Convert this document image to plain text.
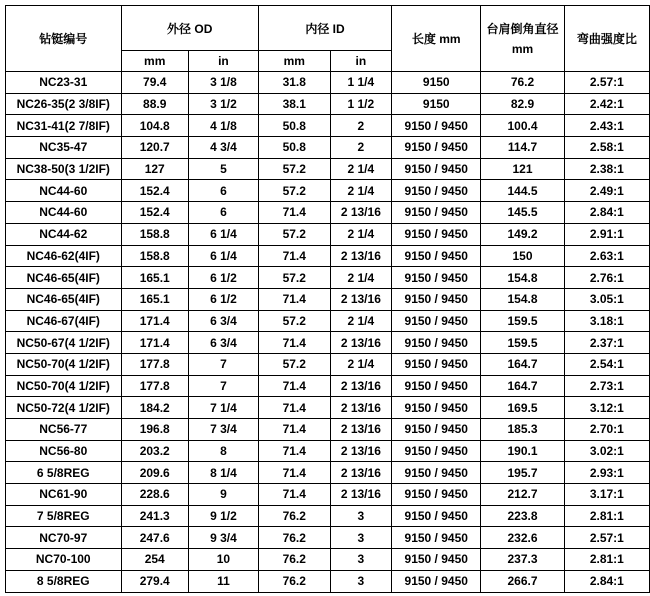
钻铤编号	外径 OD		内径 ID		长度 mm	台肩倒角直径 mm	弯曲强度比
	mm	in	mm	in			
NC23-31	79.4	3 1/8	31.8	1 1/4	9150	76.2	2.57:1
NC26-35(2 3/8IF)	88.9	3 1/2	38.1	1 1/2	9150	82.9	2.42:1
NC31-41(2 7/8IF)	104.8	4 1/8	50.8	2	9150 / 9450	100.4	2.43:1
NC35-47	120.7	4 3/4	50.8	2	9150 / 9450	114.7	2.58:1
NC38-50(3 1/2IF)	127	5	57.2	2 1/4	9150 / 9450	121	2.38:1
NC44-60	152.4	6	57.2	2 1/4	9150 / 9450	144.5	2.49:1
NC44-60	152.4	6	71.4	2 13/16	9150 / 9450	145.5	2.84:1
NC44-62	158.8	6 1/4	57.2	2 1/4	9150 / 9450	149.2	2.91:1
NC46-62(4IF)	158.8	6 1/4	71.4	2 13/16	9150 / 9450	150	2.63:1
NC46-65(4IF)	165.1	6 1/2	57.2	2 1/4	9150 / 9450	154.8	2.76:1
NC46-65(4IF)	165.1	6 1/2	71.4	2 13/16	9150 / 9450	154.8	3.05:1
NC46-67(4IF)	171.4	6 3/4	57.2	2 1/4	9150 / 9450	159.5	3.18:1
NC50-67(4 1/2IF)	171.4	6 3/4	71.4	2 13/16	9150 / 9450	159.5	2.37:1
NC50-70(4 1/2IF)	177.8	7	57.2	2 1/4	9150 / 9450	164.7	2.54:1
NC50-70(4 1/2IF)	177.8	7	71.4	2 13/16	9150 / 9450	164.7	2.73:1
NC50-72(4 1/2IF)	184.2	7 1/4	71.4	2 13/16	9150 / 9450	169.5	3.12:1
NC56-77	196.8	7 3/4	71.4	2 13/16	9150 / 9450	185.3	2.70:1
NC56-80	203.2	8	71.4	2 13/16	9150 / 9450	190.1	3.02:1
6 5/8REG	209.6	8 1/4	71.4	2 13/16	9150 / 9450	195.7	2.93:1
NC61-90	228.6	9	71.4	2 13/16	9150 / 9450	212.7	3.17:1
7 5/8REG	241.3	9 1/2	76.2	3	9150 / 9450	223.8	2.81:1
NC70-97	247.6	9 3/4	76.2	3	9150 / 9450	232.6	2.57:1
NC70-100	254	10	76.2	3	9150 / 9450	237.3	2.81:1
8 5/8REG	279.4	11	76.2	3	9150 / 9450	266.7	2.84:1
